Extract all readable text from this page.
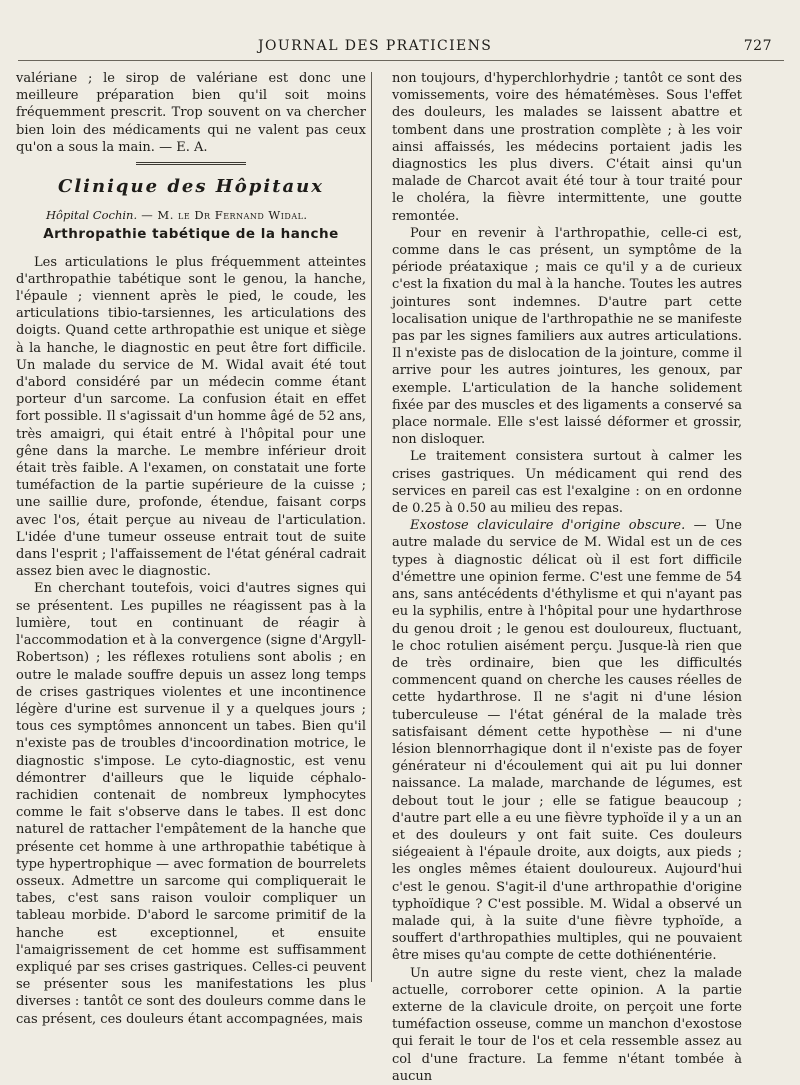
JOURNAL DES PRATICIENS	727

valériane ; le sirop de valériane est donc une meilleure préparation bien qu'il soit moins fréquemment prescrit. Trop souvent on va chercher bien loin des médicaments qui ne valent pas ceux qu'on a sous la main. — E. A.

Clinique des Hôpitaux

Hôpital Cochin. — M. le Dr Fernand Widal.

Arthropathie tabétique de la hanche

Les articulations le plus fréquemment atteintes d'arthropathie tabétique sont le genou, la hanche, l'épaule ; viennent après le pied, le coude, les articulations tibio-tarsiennes, les articulations des doigts. Quand cette arthropathie est unique et siège à la hanche, le diagnostic en peut être fort difficile. Un malade du service de M. Widal avait été tout d'abord considéré par un médecin comme étant porteur d'un sarcome. La confusion était en effet fort possible. Il s'agissait d'un homme âgé de 52 ans, très amaigri, qui était entré à l'hôpital pour une gêne dans la marche. Le membre inférieur droit était très faible. A l'examen, on constatait une forte tuméfaction de la partie supérieure de la cuisse ; une saillie dure, profonde, étendue, faisant corps avec l'os, était perçue au niveau de l'articulation. L'idée d'une tumeur osseuse entrait tout de suite dans l'esprit ; l'affaissement de l'état général cadrait assez bien avec le diagnostic.

En cherchant toutefois, voici d'autres signes qui se présentent. Les pupilles ne réagissent pas à la lumière, tout en continuant de réagir à l'accommodation et à la convergence (signe d'Argyll-Robertson) ; les réflexes rotuliens sont abolis ; en outre le malade souffre depuis un assez long temps de crises gastriques violentes et une incontinence légère d'urine est survenue il y a quelques jours ; tous ces symptômes annoncent un tabes. Bien qu'il n'existe pas de troubles d'incoordination motrice, le diagnostic s'impose. Le cyto-diagnostic, est venu démontrer d'ailleurs que le liquide céphalo-rachidien contenait de nombreux lymphocytes comme le fait s'observe dans le tabes. Il est donc naturel de rattacher l'empâtement de la hanche que présente cet homme à une arthropathie tabétique à type hypertrophique — avec formation de bourrelets osseux. Admettre un sarcome qui compliquerait le tabes, c'est sans raison vouloir compliquer un tableau morbide. D'abord le sarcome primitif de la hanche est exceptionnel, et ensuite l'amaigrissement de cet homme est suffisamment expliqué par ses crises gastriques. Celles-ci peuvent se présenter sous les manifestations les plus diverses : tantôt ce sont des douleurs comme dans le cas présent, ces douleurs étant accompagnées, mais

non toujours, d'hyperchlorhydrie ; tantôt ce sont des vomissements, voire des hématémèses. Sous l'effet des douleurs, les malades se laissent abattre et tombent dans une prostration complète ; à les voir ainsi affaissés, les médecins portaient jadis les diagnostics les plus divers. C'était ainsi qu'un malade de Charcot avait été tour à tour traité pour le choléra, la fièvre intermittente, une goutte remontée.

Pour en revenir à l'arthropathie, celle-ci est, comme dans le cas présent, un symptôme de la période préataxique ; mais ce qu'il y a de curieux c'est la fixation du mal à la hanche. Toutes les autres jointures sont indemnes. D'autre part cette localisation unique de l'arthropathie ne se manifeste pas par les signes familiers aux autres articulations. Il n'existe pas de dislocation de la jointure, comme il arrive pour les autres jointures, les genoux, par exemple. L'articulation de la hanche solidement fixée par des muscles et des ligaments a conservé sa place normale. Elle s'est laissé déformer et grossir, non disloquer.

Le traitement consistera surtout à calmer les crises gastriques. Un médicament qui rend des services en pareil cas est l'exalgine : on en ordonne de 0.25 à 0.50 au milieu des repas.

Exostose claviculaire d'origine obscure. — Une autre malade du service de M. Widal est un de ces types à diagnostic délicat où il est fort difficile d'émettre une opinion ferme. C'est une femme de 54 ans, sans antécédents d'éthylisme et qui n'ayant pas eu la syphilis, entre à l'hôpital pour une hydarthrose du genou droit ; le genou est douloureux, fluctuant, le choc rotulien aisément perçu. Jusque-là rien que de très ordinaire, bien que les difficultés commencent quand on cherche les causes réelles de cette hydarthrose. Il ne s'agit ni d'une lésion tuberculeuse — l'état général de la malade très satisfaisant dément cette hypothèse — ni d'une lésion blennorrhagique dont il n'existe pas de foyer générateur ni d'écoulement qui ait pu lui donner naissance. La malade, marchande de légumes, est debout tout le jour ; elle se fatigue beaucoup ; d'autre part elle a eu une fièvre typhoïde il y a un an et des douleurs y ont fait suite. Ces douleurs siégeaient à l'épaule droite, aux doigts, aux pieds ; les ongles mêmes étaient douloureux. Aujourd'hui c'est le genou. S'agit-il d'une arthropathie d'origine typhoïdique ? C'est possible. M. Widal a observé un malade qui, à la suite d'une fièvre typhoïde, a souffert d'arthropathies multiples, qui ne pouvaient être mises qu'au compte de cette dothiénentérie.

Un autre signe du reste vient, chez la malade actuelle, corroborer cette opinion. A la partie externe de la clavicule droite, on perçoit une forte tuméfaction osseuse, comme un manchon d'exostose qui ferait le tour de l'os et cela ressemble assez au col d'une fracture. La femme n'étant tombée à aucun
